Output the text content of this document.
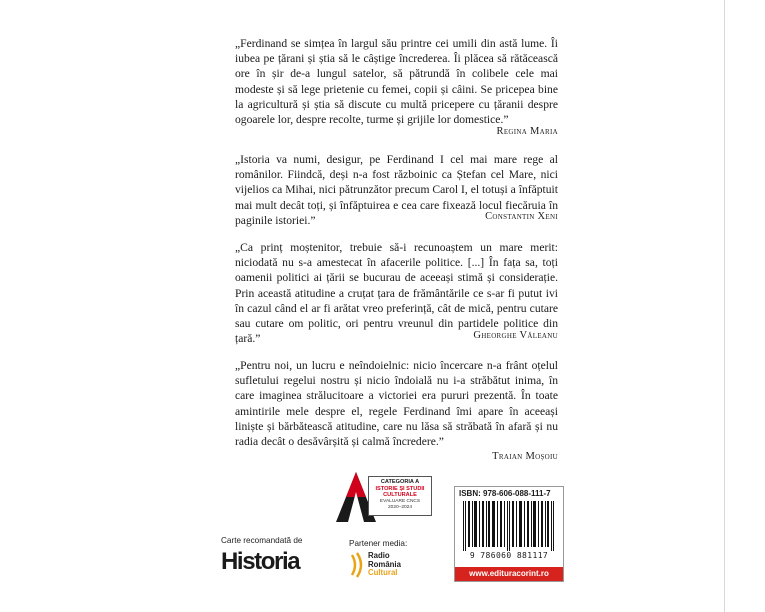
„Ferdinand se simțea în largul său printre cei umili din astă lume. Îi iubea pe țărani și știa să le câștige încrederea. Îi plăcea să rătăcească ore în șir de-a lungul satelor, să pătrundă în colibele cele mai modeste și să lege prietenie cu femei, copii și câini. Se pricepea bine la agricultură și știa să discute cu multă pricepere cu țăranii despre ogoarele lor, despre recolte, turme și grijile lor domestice.”

Regina Maria

„Istoria va numi, desigur, pe Ferdinand I cel mai mare rege al românilor. Fiindcă, deși n-a fost războinic ca Ștefan cel Mare, nici vijelios ca Mihai, nici pătrunzător precum Carol I, el totuși a înfăptuit mai mult decât toți, și înfăptuirea e cea care fixează locul fiecăruia în paginile istoriei.”	Constantin Xeni

„Ca prinț moștenitor, trebuie să-i recunoaștem un mare merit: niciodată nu s-a amestecat în afacerile politice. [...] În fața sa, toți oamenii politici ai țării se bucurau de aceeași stimă și considerație. Prin această atitudine a cruțat țara de frământările ce s-ar fi putut ivi în cazul când el ar fi arătat vreo preferință, cât de mică, pentru cutare sau cutare om politic, ori pentru vreunul din partidele politice din țară.”	Gheorghe Văleanu

„Pentru noi, un lucru e neîndoielnic: nicio încercare n-a frânt oțelul sufletului regelui nostru și nicio îndoială nu i-a străbătut inima, în care imaginea strălucitoare a victoriei era pururi prezentă. În toate amintirile mele despre el, regele Ferdinand îmi apare în aceeași liniște și bărbătească atitudine, care nu lăsa să străbată în afară și nu radia decât o desăvârșită și calmă încredere.”

Traian Moșoiu

CATEGORIA A
ISTORIE ȘI STUDII
CULTURALE
EVALUARE CNCS
2020–2024
Carte recomandată de
Historia
Partener media:
Radio
România
Cultural
ISBN: 978-606-088-111-7
9 786060 881117
www.edituracorint.ro
